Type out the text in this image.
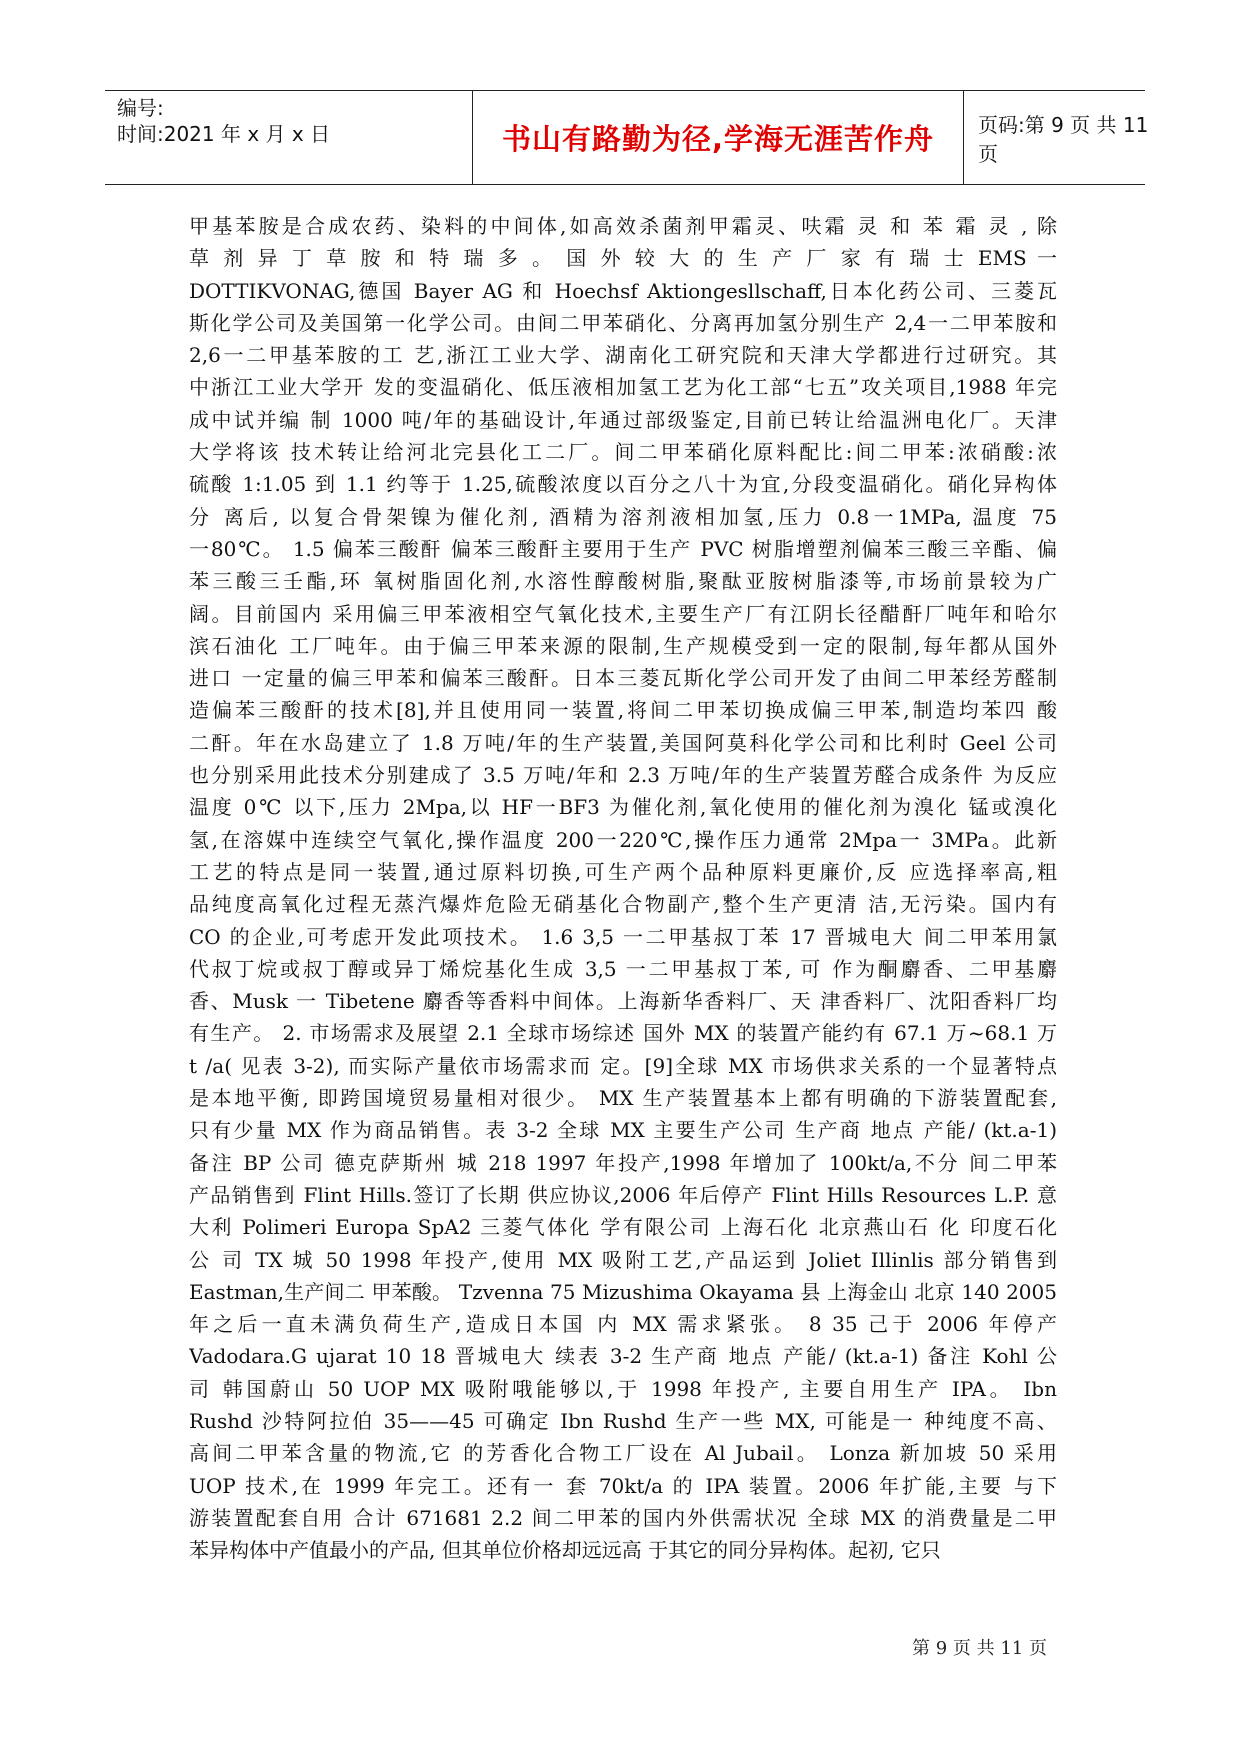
编号:
时间:2021 年 x 月 x 日	书山有路勤为径,学海无涯苦作舟	页码:第 9 页 共 11 页
甲基苯胺是合成农药、染料的中间体,如高效杀菌剂甲霜灵、呋霜 灵 和 苯 霜 灵 , 除
草 剂 异 丁 草 胺 和 特 瑞 多 。 国 外 较 大 的 生 产 厂 家 有 瑞 士 EMS 一
DOTTIKVONAG,德国 Bayer AG 和 Hoechsf Aktiongesllschaff,日本化药公司、三菱瓦
斯化学公司及美国第一化学公司。由间二甲苯硝化、分离再加氢分别生产 2,4一二甲苯胺和
2,6一二甲基苯胺的工 艺,浙江工业大学、湖南化工研究院和天津大学都进行过研究。其
中浙江工业大学开 发的变温硝化、低压液相加氢工艺为化工部“七五”攻关项目,1988 年完
成中试并编 制 1000 吨/年的基础设计,年通过部级鉴定,目前已转让给温洲电化厂。天津
大学将该 技术转让给河北完县化工二厂。间二甲苯硝化原料配比:间二甲苯:浓硝酸:浓
硫酸 1:1.05 到 1.1 约等于 1.25,硫酸浓度以百分之八十为宜,分段变温硝化。硝化异构体
分 离后, 以复合骨架镍为催化剂, 酒精为溶剂液相加氢,压力 0.8一1MPa, 温度 75
一80℃。 1.5 偏苯三酸酐 偏苯三酸酐主要用于生产 PVC 树脂增塑剂偏苯三酸三辛酯、偏
苯三酸三壬酯,环 氧树脂固化剂,水溶性醇酸树脂,聚酞亚胺树脂漆等,市场前景较为广
阔。目前国内 采用偏三甲苯液相空气氧化技术,主要生产厂有江阴长径醋酐厂吨年和哈尔
滨石油化 工厂吨年。由于偏三甲苯来源的限制,生产规模受到一定的限制,每年都从国外
进口 一定量的偏三甲苯和偏苯三酸酐。日本三菱瓦斯化学公司开发了由间二甲苯经芳醛制
造偏苯三酸酐的技术[8],并且使用同一装置,将间二甲苯切换成偏三甲苯,制造均苯四 酸
二酐。年在水岛建立了 1.8 万吨/年的生产装置,美国阿莫科化学公司和比利时 Geel 公司
也分别采用此技术分别建成了 3.5 万吨/年和 2.3 万吨/年的生产装置芳醛合成条件 为反应
温度 0℃ 以下,压力 2Mpa,以 HF一BF3 为催化剂,氧化使用的催化剂为溴化 锰或溴化
氢,在溶媒中连续空气氧化,操作温度 200一220℃,操作压力通常 2Mpa一 3MPa。此新
工艺的特点是同一装置,通过原料切换,可生产两个品种原料更廉价,反 应选择率高,粗
品纯度高氧化过程无蒸汽爆炸危险无硝基化合物副产,整个生产更清 洁,无污染。国内有
CO 的企业,可考虑开发此项技术。 1.6 3,5 一二甲基叔丁苯 17 晋城电大 间二甲苯用氯
代叔丁烷或叔丁醇或异丁烯烷基化生成 3,5 一二甲基叔丁苯, 可 作为酮麝香、二甲基麝
香、Musk 一 Tibetene 麝香等香料中间体。上海新华香料厂、天 津香料厂、沈阳香料厂均
有生产。 2. 市场需求及展望 2.1 全球市场综述 国外 MX 的装置产能约有 67.1 万~68.1 万
t /a( 见表 3-2), 而实际产量依市场需求而 定。[9]全球 MX 市场供求关系的一个显著特点
是本地平衡, 即跨国境贸易量相对很少。 MX 生产装置基本上都有明确的下游装置配套,
只有少量 MX 作为商品销售。表 3-2 全球 MX 主要生产公司 生产商 地点 产能/ (kt.a-1)
备注 BP 公司 德克萨斯州 城 218 1997 年投产,1998 年增加了 100kt/a,不分 间二甲苯
产品销售到 Flint Hills.签订了长期 供应协议,2006 年后停产 Flint Hills Resources L.P. 意
大利 Polimeri Europa SpA2 三菱气体化 学有限公司 上海石化 北京燕山石 化 印度石化
公 司 TX 城 50 1998 年投产,使用 MX 吸附工艺,产品运到 Joliet Illinlis 部分销售到
Eastman,生产间二 甲苯酸。 Tzvenna 75 Mizushima Okayama 县 上海金山 北京 140 2005
年之后一直未满负荷生产,造成日本国 内 MX 需求紧张。 8 35 己于 2006 年停产
Vadodara.G ujarat 10 18 晋城电大 续表 3-2 生产商 地点 产能/ (kt.a-1) 备注 Kohl 公
司 韩国蔚山 50 UOP MX 吸附哦能够以,于 1998 年投产, 主要自用生产 IPA。 Ibn
Rushd 沙特阿拉伯 35——45 可确定 Ibn Rushd 生产一些 MX, 可能是一 种纯度不高、
高间二甲苯含量的物流,它 的芳香化合物工厂设在 Al Jubail。 Lonza 新加坡 50 采用
UOP 技术,在 1999 年完工。还有一 套 70kt/a 的 IPA 装置。2006 年扩能,主要 与下
游装置配套自用 合计 671681 2.2 间二甲苯的国内外供需状况 全球 MX 的消费量是二甲
苯异构体中产值最小的产品, 但其单位价格却远远高 于其它的同分异构体。起初, 它只
第 9 页 共 11 页
